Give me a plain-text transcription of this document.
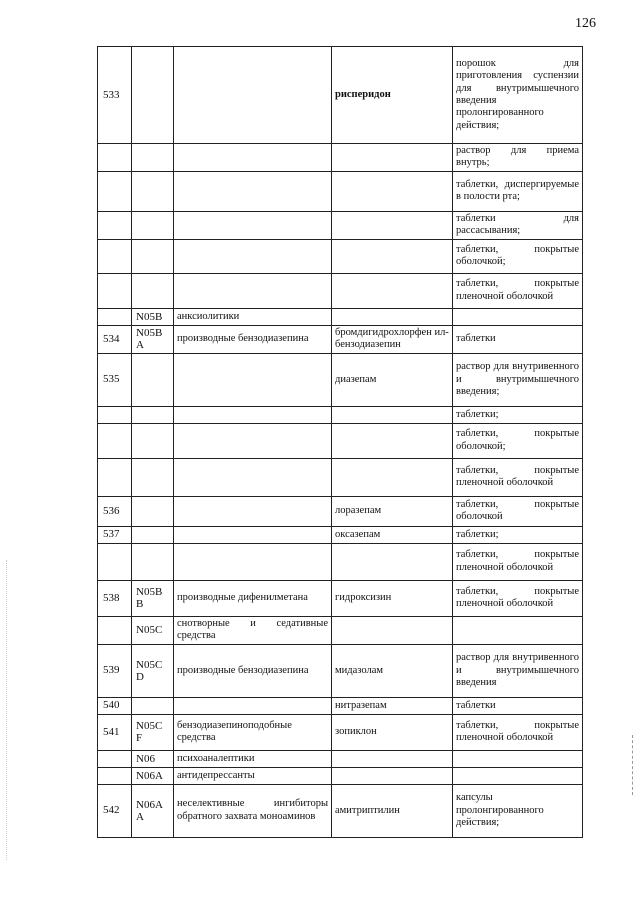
126
533			рисперидон	порошок для приготовления суспензии для внутримышечного введения пролонгированного действия;
				раствор для приема внутрь;
				таблетки, диспергируемые в полости рта;
				таблетки для рассасывания;
				таблетки, покрытые оболочкой;
				таблетки, покрытые пленочной оболочкой
	N05B	анксиолитики		
534	N05B A	производные бензодиазепина	бромдигидрохлорфен ил-бензодиазепин	таблетки
535			диазепам	раствор для внутривенного и внутримышечного введения;
				таблетки;
				таблетки, покрытые оболочкой;
				таблетки, покрытые пленочной оболочкой
536			лоразепам	таблетки, покрытые оболочкой
537			оксазепам	таблетки;
				таблетки, покрытые пленочной оболочкой
538	N05B B	производные дифенилметана	гидроксизин	таблетки, покрытые пленочной оболочкой
	N05C	снотворные и седативные средства		
539	N05C D	производные бензодиазепина	мидазолам	раствор для внутривенного и внутримышечного введения
540			нитразепам	таблетки
541	N05C F	бензодиазепиноподобные средства	зопиклон	таблетки, покрытые пленочной оболочкой
	N06	психоаналептики		
	N06A	антидепрессанты		
542	N06A A	неселективные ингибиторы обратного захвата моноаминов	амитриптилин	капсулы пролонгированного действия;
